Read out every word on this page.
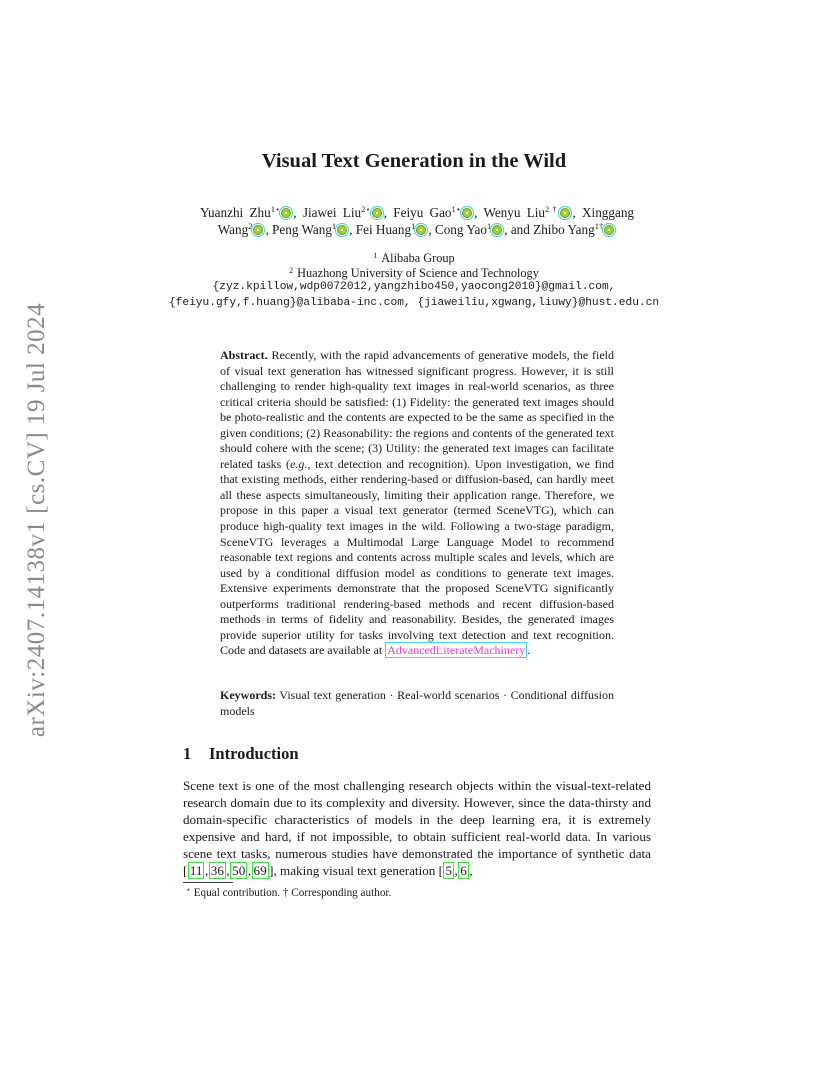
arXiv:2407.14138v1 [cs.CV] 19 Jul 2024
Visual Text Generation in the Wild
Yuanzhi Zhu$^{1⋆}$ , Jiawei Liu$^{2⋆}$ , Feiyu Gao$^{1⋆}$ , Wenyu Liu$^{2\dagger}$ , Xinggang Wang$^2$ , Peng Wang$^1$ , Fei Huang$^1$ , Cong Yao$^1$ , and Zhibo Yang$^{1\dagger}$
$^1$ Alibaba Group
$^2$ Huazhong University of Science and Technology
{zyz.kpillow,wdp0072012,yangzhibo450,yaocong2010}@gmail.com,
{feiyu.gfy,f.huang}@alibaba-inc.com, {jiaweiliu,xgwang,liuwy}@hust.edu.cn
Abstract. Recently, with the rapid advancements of generative models, the field of visual text generation has witnessed significant progress. However, it is still challenging to render high-quality text images in real-world scenarios, as three critical criteria should be satisfied: (1) Fidelity: the generated text images should be photo-realistic and the contents are expected to be the same as specified in the given conditions; (2) Reasonability: the regions and contents of the generated text should cohere with the scene; (3) Utility: the generated text images can facilitate related tasks (e.g., text detection and recognition). Upon investigation, we find that existing methods, either rendering-based or diffusion-based, can hardly meet all these aspects simultaneously, limiting their application range. Therefore, we propose in this paper a visual text generator (termed SceneVTG), which can produce high-quality text images in the wild. Following a two-stage paradigm, SceneVTG leverages a Multimodal Large Language Model to recommend reasonable text regions and contents across multiple scales and levels, which are used by a conditional diffusion model as conditions to generate text images. Extensive experiments demonstrate that the proposed SceneVTG significantly outperforms traditional rendering-based methods and recent diffusion-based methods in terms of fidelity and reasonability. Besides, the generated images provide superior utility for tasks involving text detection and text recognition. Code and datasets are available at AdvancedLiterateMachinery .
Keywords: Visual text generation · Real-world scenarios · Conditional diffusion models
1 Introduction
Scene text is one of the most challenging research objects within the visual-text-related research domain due to its complexity and diversity. However, since the data-thirsty and domain-specific characteristics of models in the deep learning era, it is extremely expensive and hard, if not impossible, to obtain sufficient real-world data. In various scene text tasks, numerous studies have demonstrated the importance of synthetic data [ 11 , 36 , 50 , 69 ], making visual text generation [ 5 , 6 ,
⋆ Equal contribution. † Corresponding author.
